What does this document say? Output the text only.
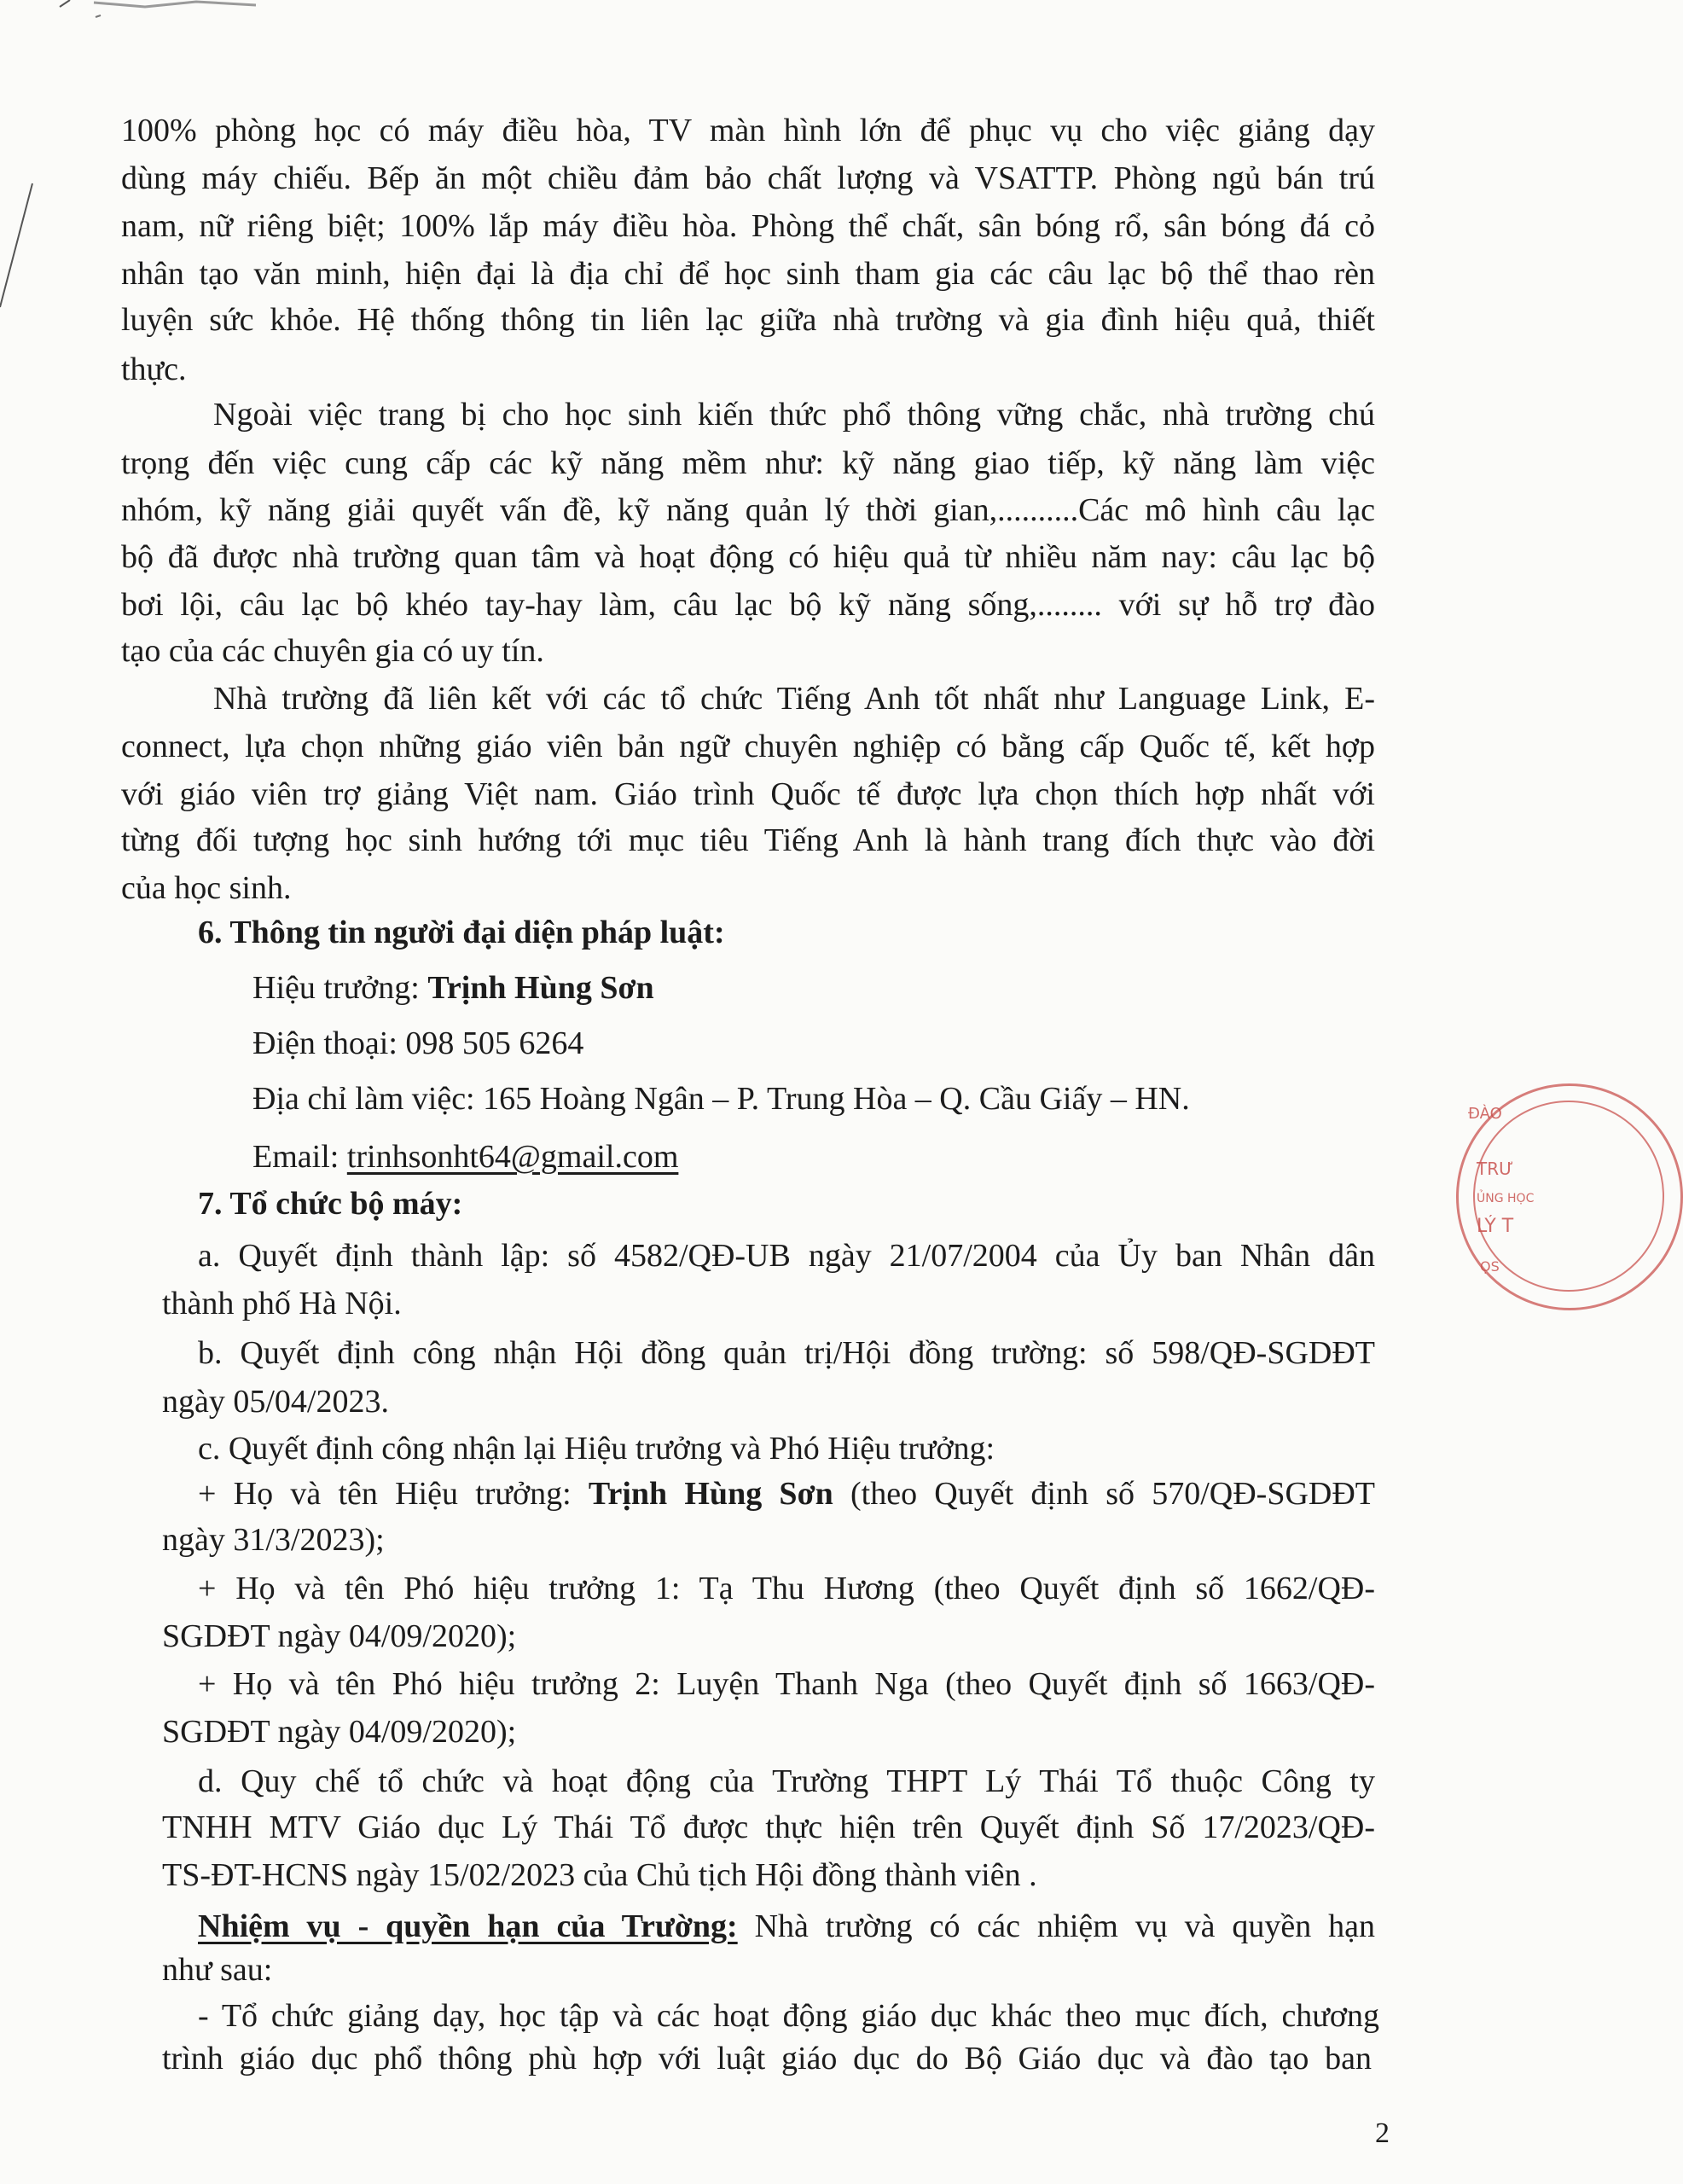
100% phòng học có máy điều hòa, TV màn hình lớn để phục vụ cho việc giảng dạy
dùng máy chiếu. Bếp ăn một chiều đảm bảo chất lượng và VSATTP. Phòng ngủ bán trú
nam, nữ riêng biệt; 100% lắp máy điều hòa. Phòng thể chất, sân bóng rổ, sân bóng đá cỏ
nhân tạo văn minh, hiện đại là địa chỉ để học sinh tham gia các câu lạc bộ thể thao rèn
luyện sức khỏe. Hệ thống thông tin liên lạc giữa nhà trường và gia đình hiệu quả, thiết
thực.
Ngoài việc trang bị cho học sinh kiến thức phổ thông vững chắc, nhà trường chú
trọng đến việc cung cấp các kỹ năng mềm như: kỹ năng giao tiếp, kỹ năng làm việc
nhóm, kỹ năng giải quyết vấn đề, kỹ năng quản lý thời gian,..........Các mô hình câu lạc
bộ đã được nhà trường quan tâm và hoạt động có hiệu quả từ nhiều năm nay: câu lạc bộ
bơi lội, câu lạc bộ khéo tay-hay làm, câu lạc bộ kỹ năng sống,........ với sự hỗ trợ đào
tạo của các chuyên gia có uy tín.
Nhà trường đã liên kết với các tổ chức Tiếng Anh tốt nhất như Language Link, E-
connect, lựa chọn những giáo viên bản ngữ chuyên nghiệp có bằng cấp Quốc tế, kết hợp
với giáo viên trợ giảng Việt nam. Giáo trình Quốc tế được lựa chọn thích hợp nhất với
từng đối tượng học sinh hướng tới mục tiêu Tiếng Anh là hành trang đích thực vào đời
của học sinh.
6. Thông tin người đại diện pháp luật:
Hiệu trưởng: Trịnh Hùng Sơn
Điện thoại: 098 505 6264
Địa chỉ làm việc: 165 Hoàng Ngân – P. Trung Hòa – Q. Cầu Giấy – HN.
Email: trinhsonht64@gmail.com
7. Tổ chức bộ máy:
a. Quyết định thành lập: số 4582/QĐ-UB ngày 21/07/2004 của Ủy ban Nhân dân
thành phố Hà Nội.
b. Quyết định công nhận Hội đồng quản trị/Hội đồng trường: số 598/QĐ-SGDĐT
ngày 05/04/2023.
c. Quyết định công nhận lại Hiệu trưởng và Phó Hiệu trưởng:
+ Họ và tên Hiệu trưởng: Trịnh Hùng Sơn (theo Quyết định số 570/QĐ-SGDĐT
ngày 31/3/2023);
+ Họ và tên Phó hiệu trưởng 1: Tạ Thu Hương (theo Quyết định số 1662/QĐ-
SGDĐT ngày 04/09/2020);
+ Họ và tên Phó hiệu trưởng 2: Luyện Thanh Nga (theo Quyết định số 1663/QĐ-
SGDĐT ngày 04/09/2020);
d. Quy chế tổ chức và hoạt động của Trường THPT Lý Thái Tổ thuộc Công ty
TNHH MTV Giáo dục Lý Thái Tổ được thực hiện trên Quyết định Số 17/2023/QĐ-
TS-ĐT-HCNS ngày 15/02/2023 của Chủ tịch Hội đồng thành viên .
Nhiệm vụ - quyền hạn của Trường: Nhà trường có các nhiệm vụ và quyền hạn
như sau:
- Tổ chức giảng dạy, học tập và các hoạt động giáo dục khác theo mục đích, chương
trình giáo dục phổ thông phù hợp với luật giáo dục do Bộ Giáo dục và đào tạo ban
2
ĐÀO
TRƯ
ỦNG HỌC
LÝ T
ỌS
